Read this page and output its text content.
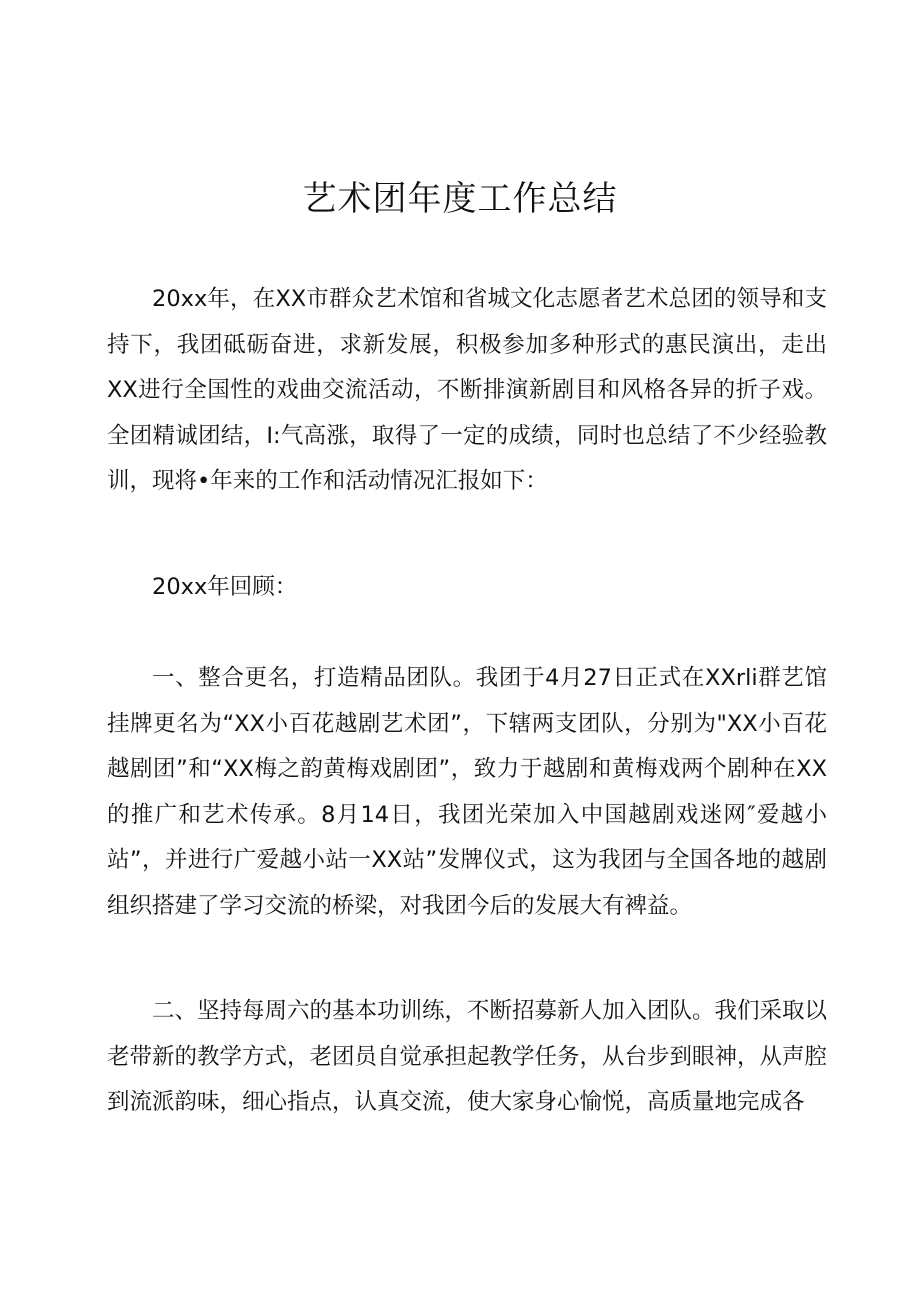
艺术团年度工作总结

20xx年，在XX市群众艺术馆和省城文化志愿者艺术总团的领导和支持下，我团砥砺奋进，求新发展，积极参加多种形式的惠民演出，走出XX进行全国性的戏曲交流活动，不断排演新剧目和风格各异的折子戏。全团精诚团结，I:气高涨，取得了一定的成绩，同时也总结了不少经验教训，现将•年来的工作和活动情况汇报如下：

20xx年回顾：

一、整合更名，打造精品团队。我团于4月27日正式在XXrli群艺馆挂牌更名为“XX小百花越剧艺术团”，下辖两支团队，分别为"XX小百花越剧团”和“XX梅之韵黄梅戏剧团”，致力于越剧和黄梅戏两个剧种在XX的推广和艺术传承。8月14日，我团光荣加入中国越剧戏迷网″爱越小站”，并进行广爱越小站一XX站”发牌仪式，这为我团与全国各地的越剧组织搭建了学习交流的桥梁，对我团今后的发展大有裨益。

二、坚持每周六的基本功训练，不断招募新人加入团队。我们采取以老带新的教学方式，老团员自觉承担起教学任务，从台步到眼神，从声腔到流派韵味，细心指点，认真交流，使大家身心愉悦，高质量地完成各
